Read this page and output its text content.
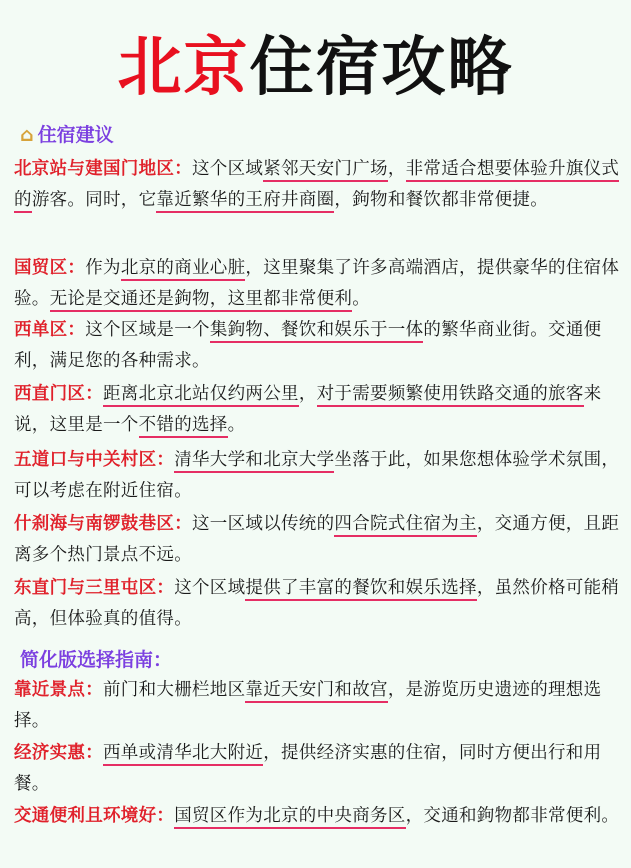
北京住宿攻略
⌂ 住宿建议
北京站与建国门地区：这个区域紧邻天安门广场，非常适合想要体验升旗仪式的游客。同时，它靠近繁华的王府井商圈，鉤物和餐饮都非常便捷。
国贸区：作为北京的商业心脏，这里聚集了许多高端酒店，提供豪华的住宿体验。无论是交通还是鉤物，这里都非常便利。
西单区：这个区域是一个集鉤物、餐饮和娱乐于一体的繁华商业街。交通便利，满足您的各种需求。
西直门区：距离北京北站仅约两公里，对于需要频繁使用铁路交通的旅客来说，这里是一个不错的选择。
五道口与中关村区：清华大学和北京大学坐落于此，如果您想体验学术氛围，可以考虑在附近住宿。
什刹海与南锣鼓巷区：这一区域以传统的四合院式住宿为主，交通方便，且距离多个热门景点不远。
东直门与三里屯区：这个区域提供了丰富的餐饮和娱乐选择，虽然价格可能稍高，但体验真的值得。
简化版选择指南：
靠近景点：前门和大栅栏地区靠近天安门和故宫，是游览历史遗迹的理想选择。
经济实惠：西单或清华北大附近，提供经济实惠的住宿，同时方便出行和用餐。
交通便利且环境好：国贸区作为北京的中央商务区，交通和鉤物都非常便利。
